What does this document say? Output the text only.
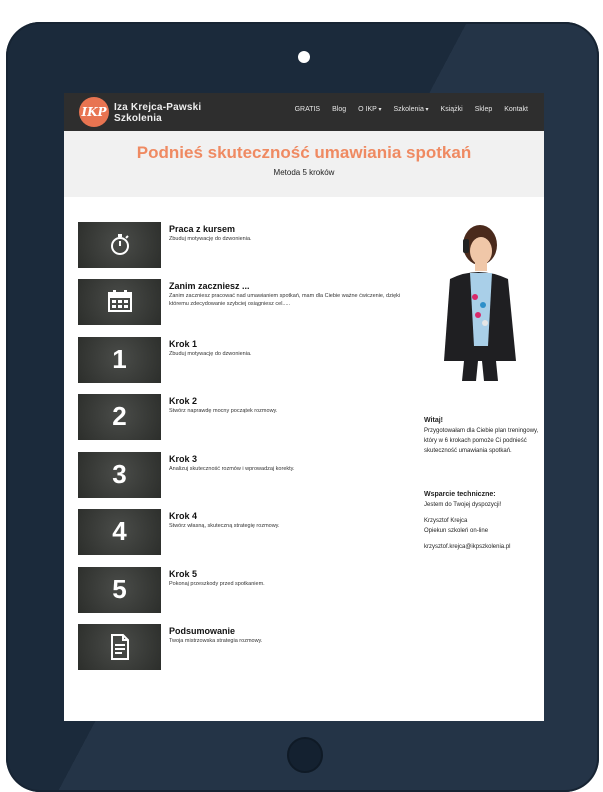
IKP Iza Krejca-Pawski
Szkolenia
GRATIS Blog O IKP ▾	Szkolenia ▾	Książki Sklep Kontakt
Podnieś skuteczność umawiania spotkań
Metoda 5 kroków
Praca z kursem
Zbuduj motywację do dzwonienia.
Zanim zaczniesz ...
Zanim zaczniesz pracować nad umawianiem spotkań, mam dla Ciebie ważne ćwiczenie, dzięki któremu zdecydowanie szybciej osiągniesz cel.....
1	Krok 1
Zbuduj motywację do dzwonienia.
2	Krok 2
Stwórz naprawdę mocny początek rozmowy.
3	Krok 3
Analizuj skuteczność rozmów i wprowadzaj korekty.
4	Krok 4
Stwórz własną, skuteczną strategię rozmowy.
5	Krok 5
Pokonaj przeszkody przed spotkaniem.
Podsumowanie
Twoja mistrzowska strategia rozmowy.
Witaj!
Przygotowałam dla Ciebie plan treningowy, który w 6 krokach pomoże Ci podnieść skuteczność umawiania spotkań.
Wsparcie techniczne:
Jestem do Twojej dyspozycji!

Krzysztof Krejca
Opiekun szkoleń on-line

krzysztof.krejca@ikpszkolenia.pl
